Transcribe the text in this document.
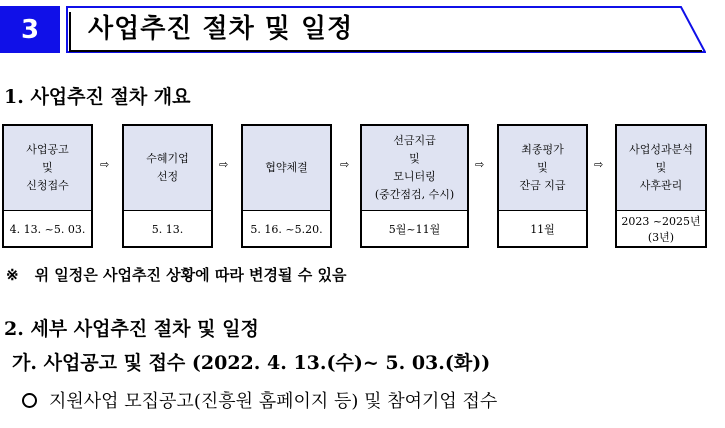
3 사업추진 절차 및 일정
1. 사업추진 절차 개요
사업공고
및
신청접수
4. 13. ~5. 03.
⇨	수혜기업
선정
5. 13.
⇨	협약체결
5. 16. ~5.20.
⇨
선금지급
및
모니터링
(중간점검, 수시)
5월~11월
⇨
최종평가
및
잔금 지급
11월
⇨
사업성과분석
및
사후관리
2023 ~2025년
(3년)
※ 위 일정은 사업추진 상황에 따라 변경될 수 있음
2. 세부 사업추진 절차 및 일정
가. 사업공고 및 접수 (2022. 4. 13.(수)~ 5. 03.(화))
지원사업 모집공고(진흥원 홈페이지 등) 및 참여기업 접수
